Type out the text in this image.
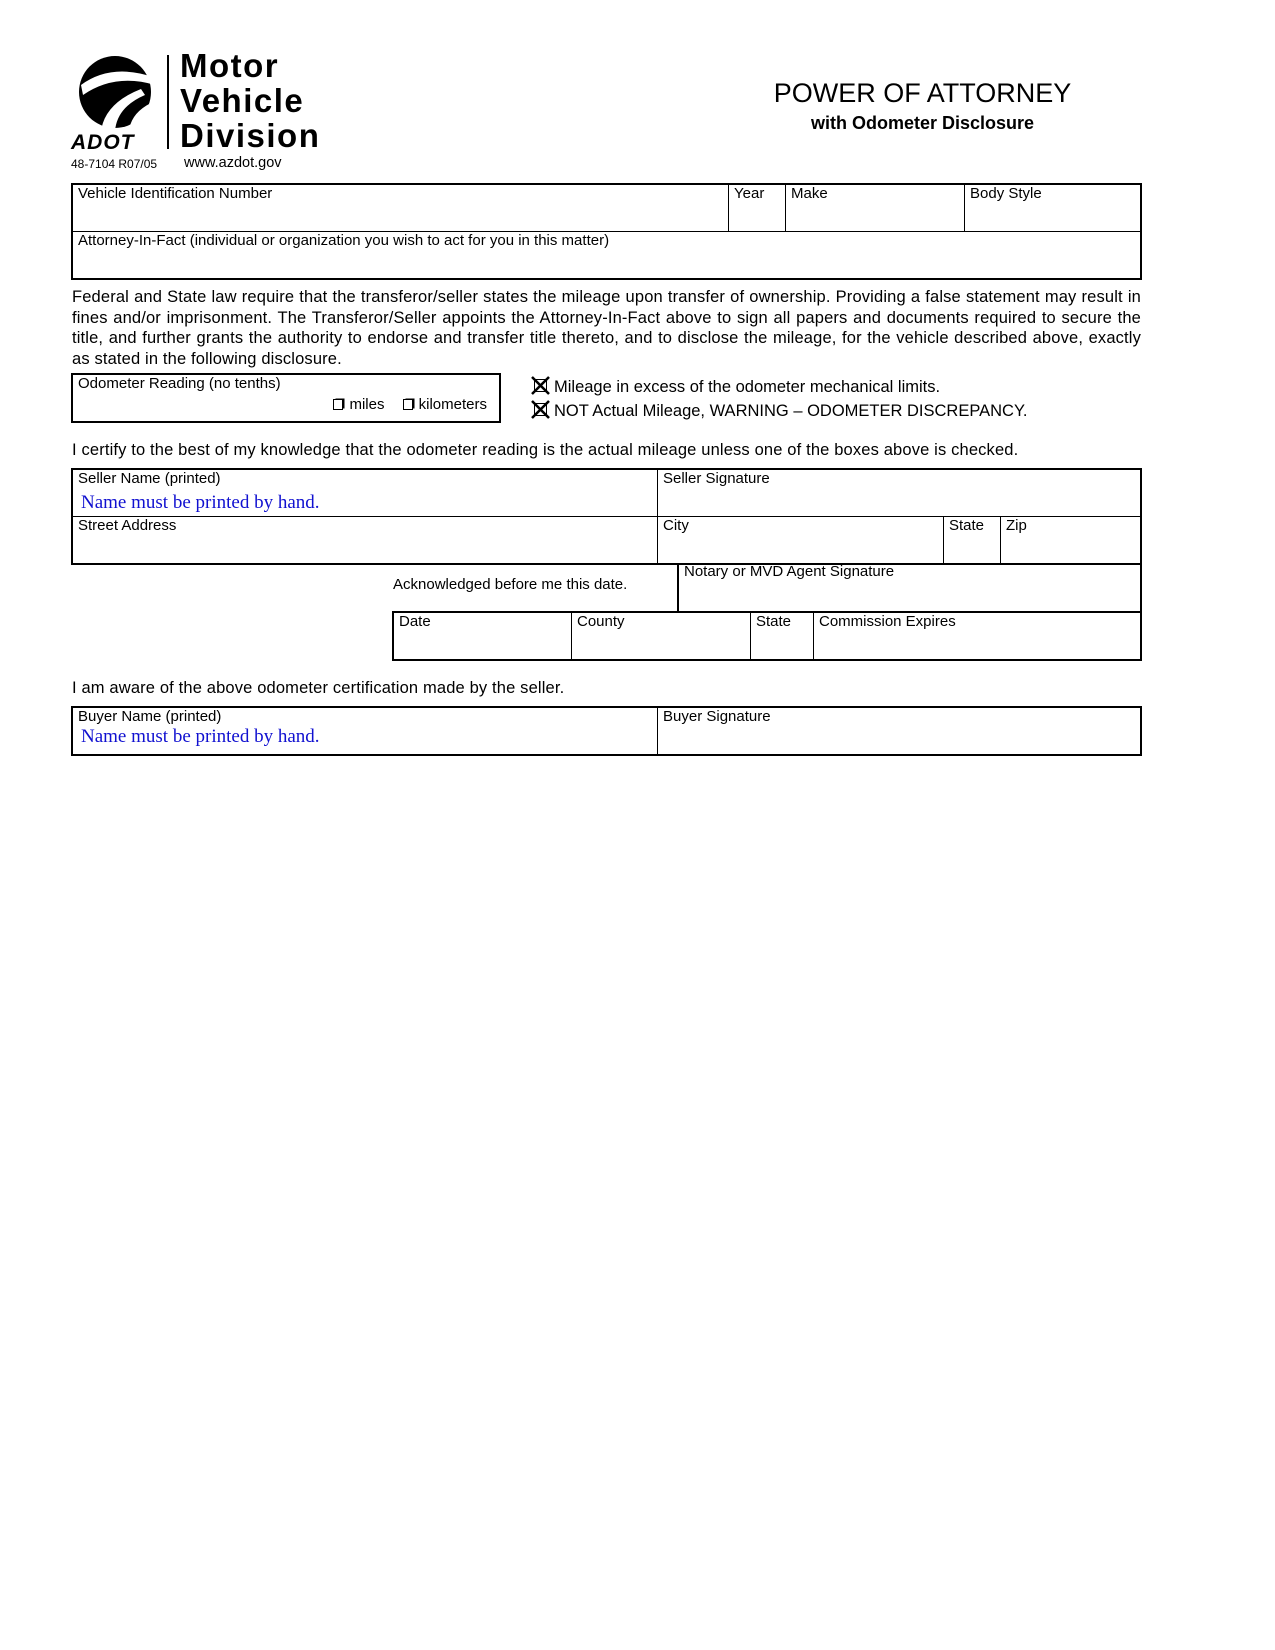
ADOT
Motor
Vehicle
Division
48-7104 R07/05 www.azdot.gov
POWER OF ATTORNEY
with Odometer Disclosure
Vehicle Identification Number	Year Make	Body Style
Attorney-In-Fact (individual or organization you wish to act for you in this matter)
Federal and State law require that the transferor/seller states the mileage upon transfer of ownership. Providing a false statement may result in fines and/or imprisonment. The Transferor/Seller appoints the Attorney-In-Fact above to sign all papers and documents required to secure the title, and further grants the authority to endorse and transfer title thereto, and to disclose the mileage, for the vehicle described above, exactly as stated in the following disclosure.
Odometer Reading (no tenths)
miles kilometers
Mileage in excess of the odometer mechanical limits.
NOT Actual Mileage, WARNING – ODOMETER DISCREPANCY.
I certify to the best of my knowledge that the odometer reading is the actual mileage unless one of the boxes above is checked.
Seller Name (printed)
Name must be printed by hand.
Seller Signature
Street Address	City	State Zip
Acknowledged before me this date.
Notary or MVD Agent Signature
Date	County	State Commission Expires
I am aware of the above odometer certification made by the seller.
Buyer Name (printed)
Name must be printed by hand.
Buyer Signature
